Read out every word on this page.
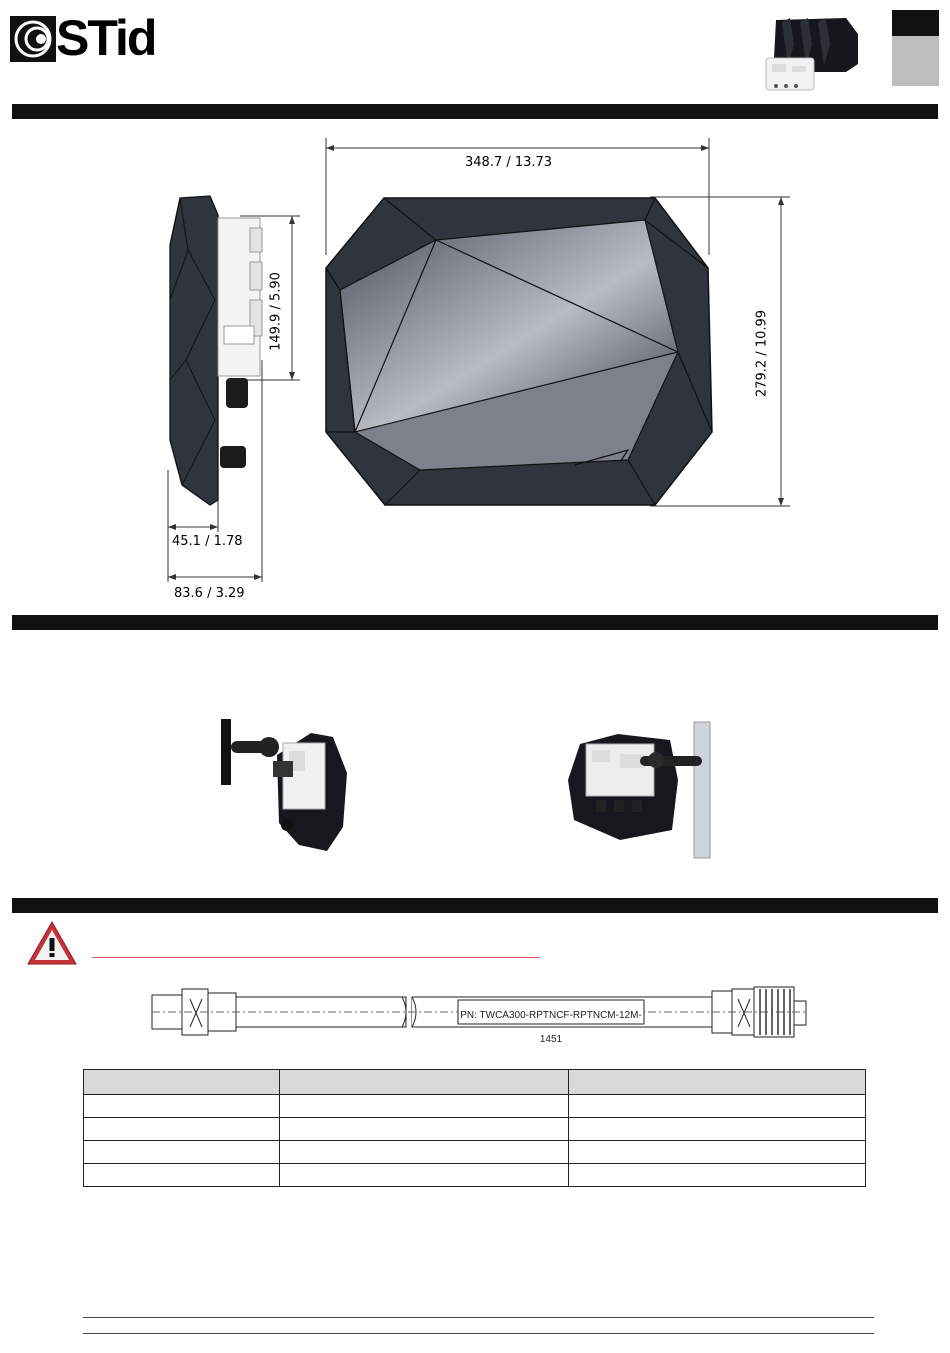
STid
348.7 / 13.73
279.2 / 10.99
149.9 / 5.90
45.1 / 1.78
83.6 / 3.29
PN: TWCA300-RPTNCF-RPTNCM-12M-1451
